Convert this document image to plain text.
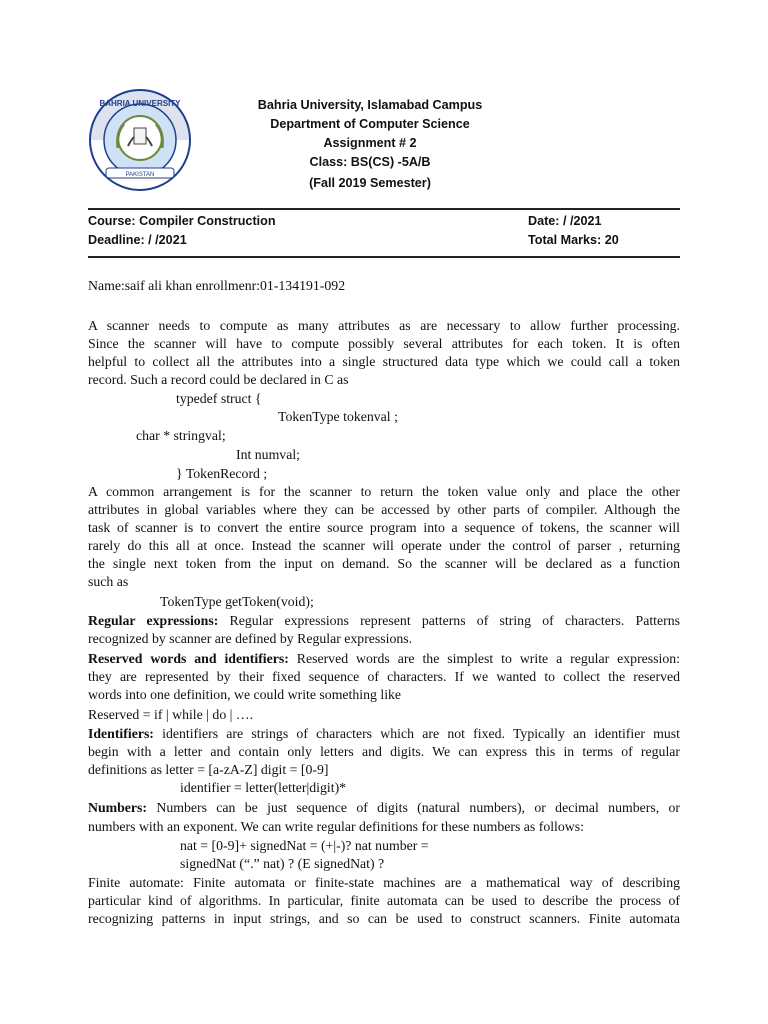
BAHRIA UNIVERSITY
PAKISTAN
Bahria University, Islamabad Campus
Department of Computer Science
Assignment # 2
Class: BS(CS) -5A/B
(Fall 2019 Semester)
Course: Compiler Construction	Date: / /2021
Deadline: / /2021	Total Marks: 20
Name:saif ali khan enrollmenr:01-134191-092
A scanner needs to compute as many attributes as are necessary to allow further processing.
Since the scanner will have to compute possibly several attributes for each token. It is often
helpful to collect all the attributes into a single structured data type which we could call a token
record. Such a record could be declared in C as
typedef struct {
TokenType tokenval ;
char * stringval;
Int numval;
} TokenRecord ;
A common arrangement is for the scanner to return the token value only and place the other
attributes in global variables where they can be accessed by other parts of compiler. Although the
task of scanner is to convert the entire source program into a sequence of tokens, the scanner will
rarely do this all at once. Instead the scanner will operate under the control of parser , returning
the single next token from the input on demand. So the scanner will be declared as a function
such as
TokenType getToken(void);
Regular expressions: Regular expressions represent patterns of string of characters. Patterns
recognized by scanner are defined by Regular expressions.
Reserved words and identifiers: Reserved words are the simplest to write a regular expression:
they are represented by their fixed sequence of characters. If we wanted to collect the reserved
words into one definition, we could write something like
Reserved = if | while | do | ….
Identifiers: identifiers are strings of characters which are not fixed. Typically an identifier must
begin with a letter and contain only letters and digits. We can express this in terms of regular
definitions as letter = [a-zA-Z] digit = [0-9]
identifier = letter(letter|digit)*
Numbers: Numbers can be just sequence of digits (natural numbers), or decimal numbers, or
numbers with an exponent. We can write regular definitions for these numbers as follows:
nat = [0-9]+ signedNat = (+|-)? nat number =
signedNat (“.” nat) ? (E signedNat) ?
Finite automate: Finite automata or finite-state machines are a mathematical way of describing
particular kind of algorithms. In particular, finite automata can be used to describe the process of
recognizing patterns in input strings, and so can be used to construct scanners. Finite automata
